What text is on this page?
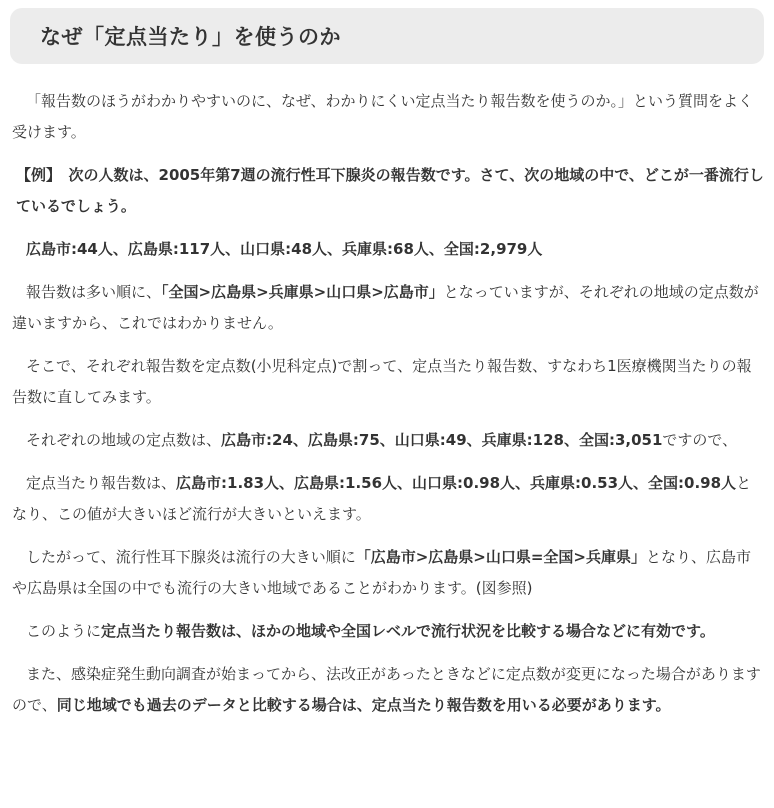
なぜ「定点当たり」を使うのか

「報告数のほうがわかりやすいのに、なぜ、わかりにくい定点当たり報告数を使うのか。」という質問をよく受けます。

【例】　次の人数は、2005年第7週の流行性耳下腺炎の報告数です。さて、次の地域の中で、どこが一番流行しているでしょう。

広島市:44人、広島県:117人、山口県:48人、兵庫県:68人、全国:2,979人

報告数は多い順に、「全国>広島県>兵庫県>山口県>広島市」となっていますが、それぞれの地域の定点数が違いますから、これではわかりません。

そこで、それぞれ報告数を定点数(小児科定点)で割って、定点当たり報告数、すなわち1医療機関当たりの報告数に直してみます。

それぞれの地域の定点数は、広島市:24、広島県:75、山口県:49、兵庫県:128、全国:3,051ですので、

定点当たり報告数は、広島市:1.83人、広島県:1.56人、山口県:0.98人、兵庫県:0.53人、全国:0.98人となり、この値が大きいほど流行が大きいといえます。

したがって、流行性耳下腺炎は流行の大きい順に「広島市>広島県>山口県=全国>兵庫県」となり、広島市や広島県は全国の中でも流行の大きい地域であることがわかります。(図参照)

このように定点当たり報告数は、ほかの地域や全国レベルで流行状況を比較する場合などに有効です。

また、感染症発生動向調査が始まってから、法改正があったときなどに定点数が変更になった場合がありますので、同じ地域でも過去のデータと比較する場合は、定点当たり報告数を用いる必要があります。
